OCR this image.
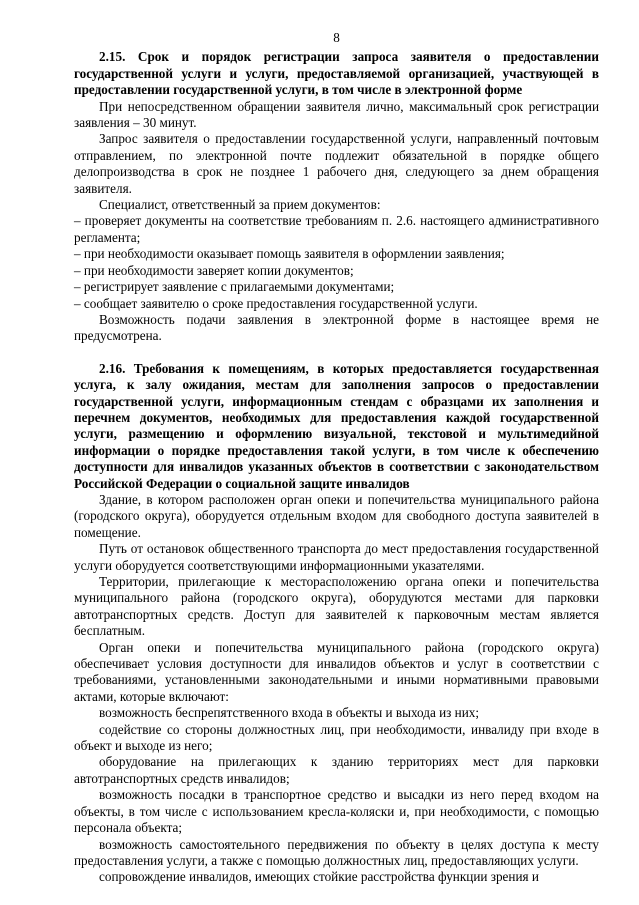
8

2.15. Срок и порядок регистрации запроса заявителя о предоставлении государственной услуги и услуги, предоставляемой организацией, участвующей в предоставлении государственной услуги, в том числе в электронной форме

При непосредственном обращении заявителя лично, максимальный срок регистрации заявления – 30 минут.

Запрос заявителя о предоставлении государственной услуги, направленный почтовым отправлением, по электронной почте подлежит обязательной в порядке общего делопроизводства в срок не позднее 1 рабочего дня, следующего за днем обращения заявителя.

Специалист, ответственный за прием документов:

– проверяет документы на соответствие требованиям п. 2.6. настоящего административного регламента;

– при необходимости оказывает помощь заявителя в оформлении заявления;

– при необходимости заверяет копии документов;

– регистрирует заявление с прилагаемыми документами;

– сообщает заявителю о сроке предоставления государственной услуги.

Возможность подачи заявления в электронной форме в настоящее время не предусмотрена.

2.16. Требования к помещениям, в которых предоставляется государственная услуга, к залу ожидания, местам для заполнения запросов о предоставлении государственной услуги, информационным стендам с образцами их заполнения и перечнем документов, необходимых для предоставления каждой государственной услуги, размещению и оформлению визуальной, текстовой и мультимедийной информации о порядке предоставления такой услуги, в том числе к обеспечению доступности для инвалидов указанных объектов в соответствии с законодательством Российской Федерации о социальной защите инвалидов

Здание, в котором расположен орган опеки и попечительства муниципального района (городского округа), оборудуется отдельным входом для свободного доступа заявителей в помещение.

Путь от остановок общественного транспорта до мест предоставления государственной услуги оборудуется соответствующими информационными указателями.

Территории, прилегающие к месторасположению органа опеки и попечительства муниципального района (городского округа), оборудуются местами для парковки автотранспортных средств. Доступ для заявителей к парковочным местам является бесплатным.

Орган опеки и попечительства муниципального района (городского округа) обеспечивает условия доступности для инвалидов объектов и услуг в соответствии с требованиями, установленными законодательными и иными нормативными правовыми актами, которые включают:

возможность беспрепятственного входа в объекты и выхода из них;

содействие со стороны должностных лиц, при необходимости, инвалиду при входе в объект и выходе из него;

оборудование на прилегающих к зданию территориях мест для парковки автотранспортных средств инвалидов;

возможность посадки в транспортное средство и высадки из него перед входом на объекты, в том числе с использованием кресла-коляски и, при необходимости, с помощью персонала объекта;

возможность самостоятельного передвижения по объекту в целях доступа к месту предоставления услуги, а также с помощью должностных лиц, предоставляющих услуги.

сопровождение инвалидов, имеющих стойкие расстройства функции зрения и
